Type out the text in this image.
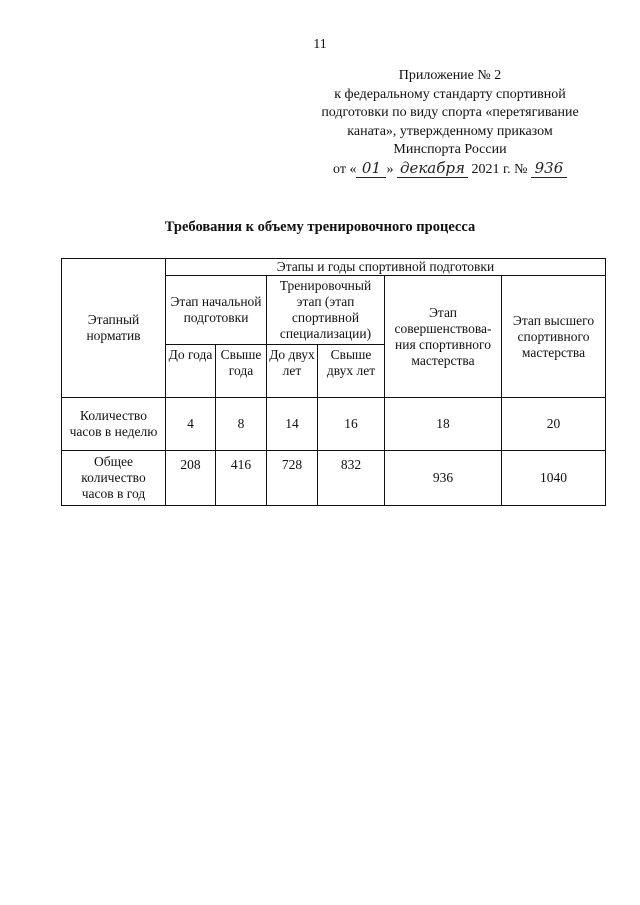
11
Приложение № 2
к федеральному стандарту спортивной
подготовки по виду спорта «перетягивание
каната», утвержденному приказом
Минспорта России
от « 01 » декабря 2021 г. № 936
Требования к объему тренировочного процесса
Этапный норматив	Этапы и годы спортивной подготовки					
	Этап начальной подготовки		Тренировочный этап (этап спортивной специализации)		Этап совершенствова-ния спортивного мастерства	Этап высшего спортивного мастерства
	До года	Свыше года	До двух лет	Свыше двух лет		
Количество часов в неделю	4	8	14	16	18	20
Общее количество часов в год	208	416	728	832	936	1040
